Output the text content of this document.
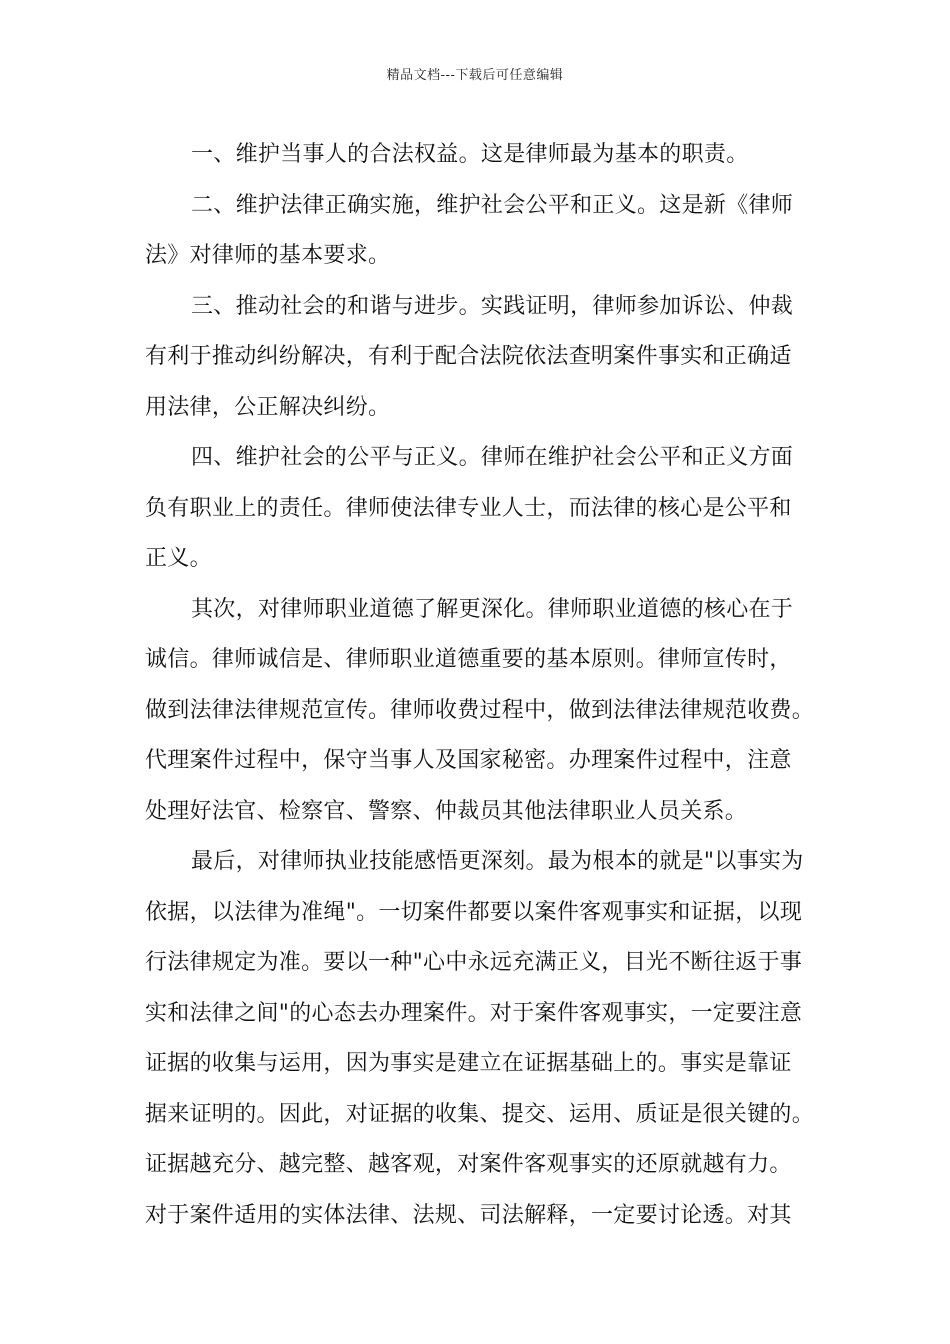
精品文档---下载后可任意编辑

一、维护当事人的合法权益。这是律师最为基本的职责。

二、维护法律正确实施，维护社会公平和正义。这是新《律师
法》对律师的基本要求。

三、推动社会的和谐与进步。实践证明，律师参加诉讼、仲裁
有利于推动纠纷解决，有利于配合法院依法查明案件事实和正确适
用法律，公正解决纠纷。

四、维护社会的公平与正义。律师在维护社会公平和正义方面
负有职业上的责任。律师使法律专业人士，而法律的核心是公平和
正义。

其次，对律师职业道德了解更深化。律师职业道德的核心在于
诚信。律师诚信是、律师职业道德重要的基本原则。律师宣传时，
做到法律法律规范宣传。律师收费过程中，做到法律法律规范收费。
代理案件过程中，保守当事人及国家秘密。办理案件过程中，注意
处理好法官、检察官、警察、仲裁员其他法律职业人员关系。

最后，对律师执业技能感悟更深刻。最为根本的就是"以事实为
依据，以法律为准绳"。一切案件都要以案件客观事实和证据，以现
行法律规定为准。要以一种"心中永远充满正义，目光不断往返于事
实和法律之间"的心态去办理案件。对于案件客观事实，一定要注意
证据的收集与运用，因为事实是建立在证据基础上的。事实是靠证
据来证明的。因此，对证据的收集、提交、运用、质证是很关键的。
证据越充分、越完整、越客观，对案件客观事实的还原就越有力。
对于案件适用的实体法律、法规、司法解释，一定要讨论透。对其
